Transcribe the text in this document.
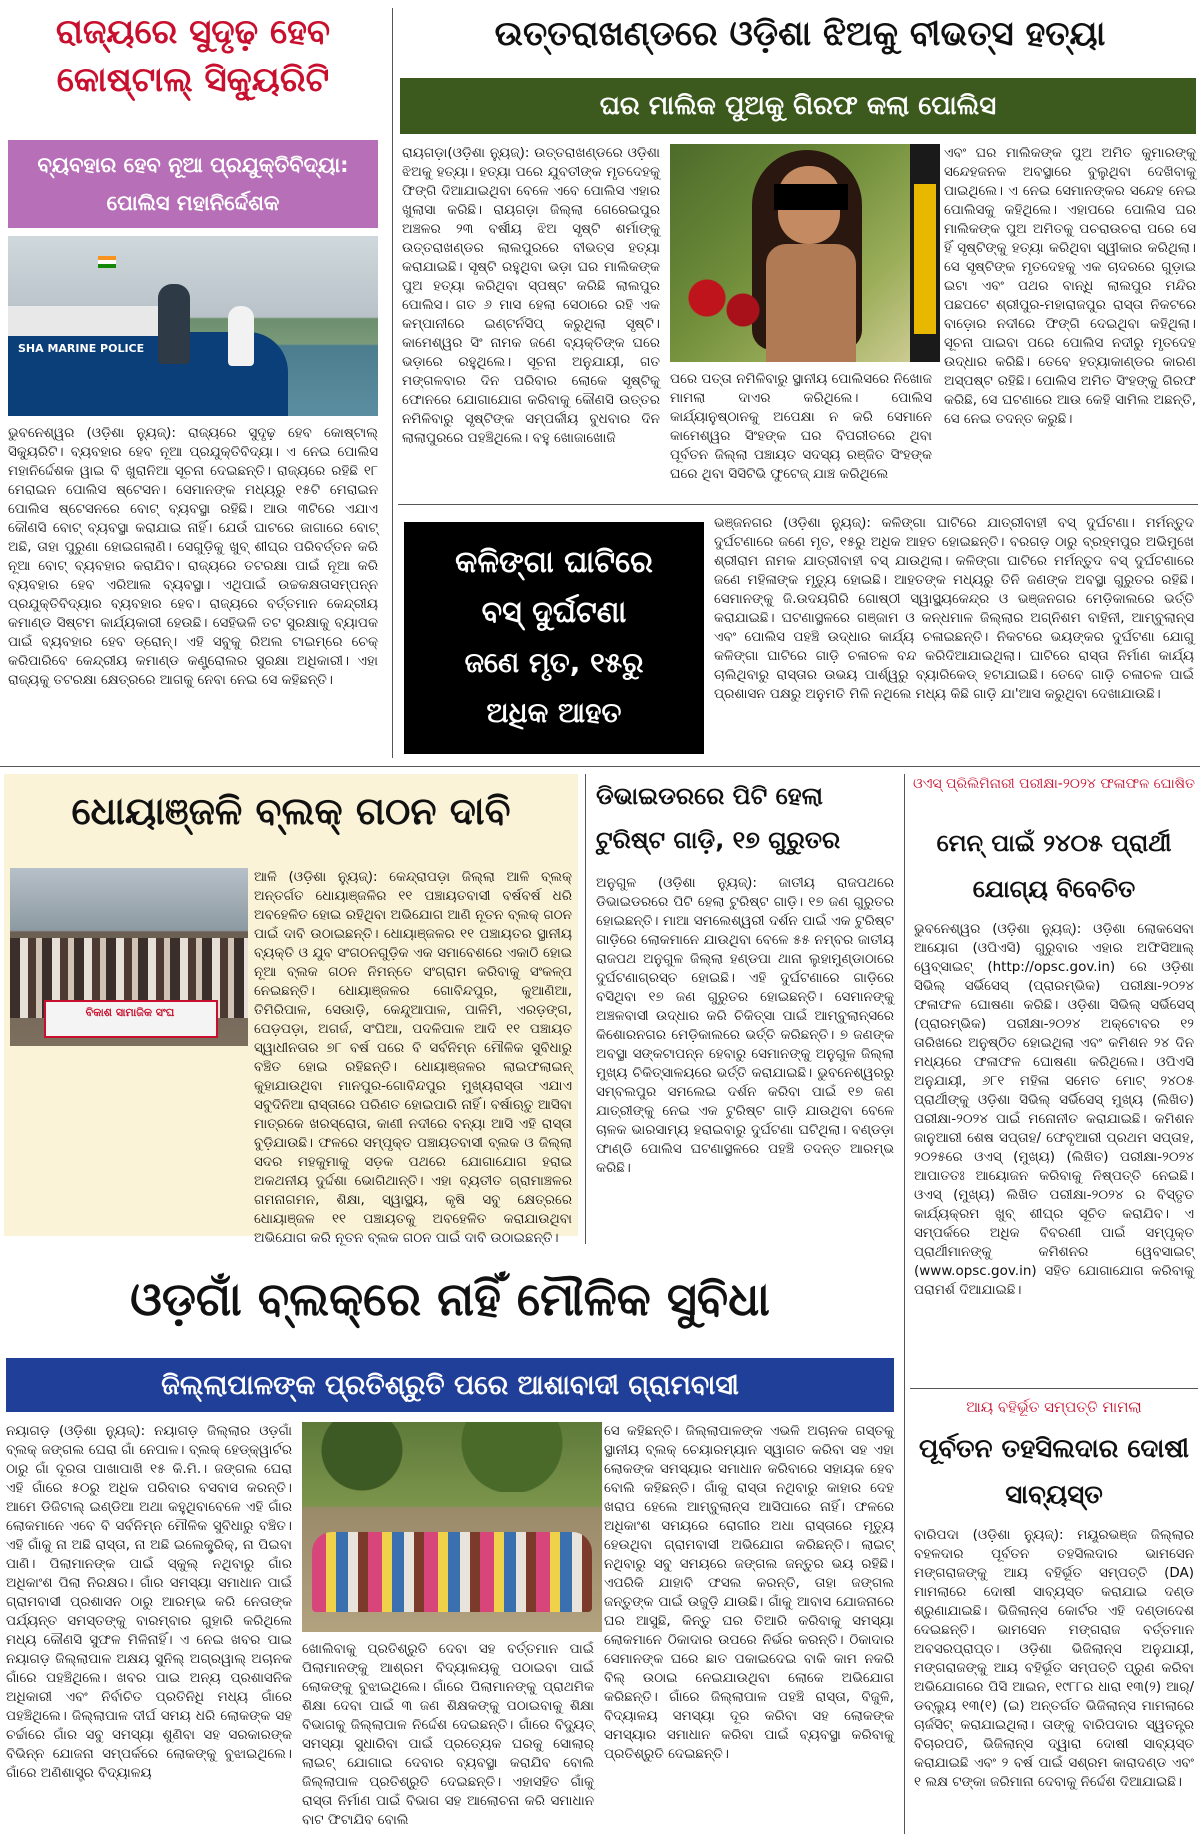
ରାଜ୍ୟରେ ସୁଦୃଢ଼ ହେବ କୋଷ୍ଟାଲ୍ ସିକ୍ୟୁରିଟି
ବ୍ୟବହାର ହେବ ନୂଆ ପ୍ରଯୁକ୍ତିବିଦ୍ୟା: ପୋଲିସ ମହାନିର୍ଦ୍ଦେଶକ
SHA MARINE POLICE
ଭୁବନେଶ୍ୱର (ଓଡ଼ିଶା ନ୍ୟୁଜ୍): ରାଜ୍ୟରେ ସୁଦୃଢ଼ ହେବ କୋଷ୍ଟାଲ୍ ସିକ୍ୟୁରିଟି। ବ୍ୟବହାର ହେବ ନୂଆ ପ୍ରଯୁକ୍ତିବିଦ୍ୟା। ଏ ନେଇ ପୋଲିସ ମହାନିର୍ଦ୍ଦେଶକ ୱାଇ ବି ଖୁରାନିଆ ସୂଚନା ଦେଇଛନ୍ତି। ରାଜ୍ୟରେ ରହିଛି ୧୮ ମେରାଇନ ପୋଲିସ ଷ୍ଟେସନ। ସେମାନଙ୍କ ମଧ୍ୟରୁ ୧୫ଟି ମେରାଇନ ପୋଲିସ ଷ୍ଟେସନରେ ବୋଟ୍ ବ୍ୟବସ୍ଥା ରହିଛି। ଆଉ ୩ଟିରେ ଏଯାଏ କୌଣସି ବୋଟ୍ ବ୍ୟବସ୍ଥା କରାଯାଇ ନାହିଁ। ଯେଉଁ ଘାଟରେ ଜାଗାରେ ବୋଟ୍ ଅଛି, ତାହା ପୁରୁଣା ହୋଇଗଲାଣି। ସେଗୁଡ଼ିକୁ ଖୁବ୍ ଶୀଘ୍ର ପରିବର୍ତ୍ତନ କରି ନୂଆ ବୋଟ୍ ବ୍ୟବହାର କରାଯିବ। ରାଜ୍ୟରେ ତଟରକ୍ଷା ପାଇଁ ନୂଆ କରି ବ୍ୟବହାର ହେବ ଏରିଆଲ ବ୍ୟବସ୍ଥା। ଏଥିପାଇଁ ଉଚ୍ଚକକ୍ଷତାସମ୍ପନ୍ନ ପ୍ରଯୁକ୍ତିବିଦ୍ୟାର ବ୍ୟବହାର ହେବ। ରାଜ୍ୟରେ ବର୍ତ୍ତମାନ କେନ୍ଦ୍ରୀୟ କମାଣ୍ଡ ସିଷ୍ଟମ କାର୍ଯ୍ୟକାରୀ ହେଉଛି। ସେହିଭଳି ତଟ ସୁରକ୍ଷାକୁ ବ୍ୟାପକ ପାଇଁ ବ୍ୟବହାର ହେବ ଡ୍ରୋନ୍। ଏହି ସବୁକୁ ରିଅଲ ଟାଇମ୍‌ରେ ଚେକ୍ କରିପାରିବେ କେନ୍ଦ୍ରୀୟ କମାଣ୍ଡ କଣ୍ଟ୍ରୋଲର ସୁରକ୍ଷା ଅଧିକାରୀ। ଏହା ରାଜ୍ୟକୁ ତଟରକ୍ଷା କ୍ଷେତ୍ରରେ ଆଗକୁ ନେବା ନେଇ ସେ କହିଛନ୍ତି।
ଉତ୍ତରାଖଣ୍ଡରେ ଓଡ଼ିଶା ଝିଅକୁ ବୀଭତ୍ସ ହତ୍ୟା
ଘର ମାଲିକ ପୁଅକୁ ଗିରଫ କଲା ପୋଲିସ
ରାୟଗଡ଼ା(ଓଡ଼ିଶା ନ୍ୟୁଜ୍): ଉତ୍ତରାଖଣ୍ଡରେ ଓଡ଼ିଶା ଝିଅକୁ ହତ୍ୟା। ହତ୍ୟା ପରେ ଯୁବତୀଙ୍କ ମୃତଦେହକୁ ଫିଙ୍ଗି ଦିଆଯାଇଥିବା ବେଳେ ଏବେ ପୋଲିସ ଏହାର ଖୁଲାସା କରିଛି। ରାୟଗଡ଼ା ଜିଲ୍ଲା ଗେରେଇପୁର ଅଞ୍ଚଳର ୨୩ ବର୍ଷୀୟ ଝିଅ ସୃଷ୍ଟି ଶର୍ମାଙ୍କୁ ଉତ୍ତରାଖଣ୍ଡର ଲାଲପୁରରେ ବୀଭତ୍ସ ହତ୍ୟା କରାଯାଇଛି। ସୃଷ୍ଟି ରହୁଥିବା ଭଡ଼ା ଘର ମାଲିକଙ୍କ ପୁଅ ହତ୍ୟା କରିଥିବା ସ୍ପଷ୍ଟ କରିଛି ଲାଲପୁର ପୋଲିସ। ଗତ ୬ ମାସ ହେଲା ସେଠାରେ ରହି ଏକ କମ୍ପାନୀରେ ଇଣ୍ଟର୍ନସିପ୍ କରୁଥିଲା ସୃଷ୍ଟି। କାମେଶ୍ୱର ସିଂ ନାମକ ଜଣେ ବ୍ୟକ୍ତିଙ୍କ ଘରେ ଭଡ଼ାରେ ରହୁଥିଲେ। ସୂଚନା ଅନୁଯାୟୀ, ଗତ ମଙ୍ଗଳବାର ଦିନ ପରିବାର ଲୋକେ ସୃଷ୍ଟିକୁ ଫୋନରେ ଯୋଗାଯୋଗ କରିବାକୁ କୌଣସି ଉତ୍ତର ନମିଳିବାରୁ ସୃଷ୍ଟିଙ୍କ ସମ୍ପର୍କୀୟ ବୁଧବାର ଦିନ ଲାଲାପୁରରେ ପହଞ୍ଚିଥିଲେ। ବହୁ ଖୋଜାଖୋଜି
ପରେ ପତ୍ତା ନମିଳିବାରୁ ସ୍ଥାନୀୟ ପୋଲିସରେ ନିଖୋଜ ମାମଲା ଦାଏର କରିଥିଲେ। ପୋଲିସ କାର୍ଯ୍ୟାନୁଷ୍ଠାନକୁ ଅପେକ୍ଷା ନ କରି ସେମାନେ କାମେଶ୍ୱର ସିଂହଙ୍କ ଘର ବିପରୀତରେ ଥିବା ପୂର୍ବତନ ଜିଲ୍ଲା ପଞ୍ଚାୟତ ସଦସ୍ୟ ରଞ୍ଜିତ ସିଂହଙ୍କ ଘରେ ଥିବା ସିସିଟିଭି ଫୁଟେଜ୍ ଯାଞ୍ଚ କରିଥିଲେ
ଏବଂ ଘର ମାଲିକଙ୍କ ପୁଅ ଅମିତ କୁମାରଙ୍କୁ ସନ୍ଦେହଜନକ ଅବସ୍ଥାରେ ବୁଲୁଥିବା ଦେଖିବାକୁ ପାଇଥିଲେ। ଏ ନେଇ ସେମାନଙ୍କର ସନ୍ଦେହ ନେଇ ପୋଲିସକୁ କହିଥିଲେ। ଏହାପରେ ପୋଲିସ ଘର ମାଲିକଙ୍କ ପୁଅ ଅମିତକୁ ପଚରାଉଚରା ପରେ ସେ ହିଁ ସୃଷ୍ଟିଙ୍କୁ ହତ୍ୟା କରିଥିବା ସ୍ୱୀକାର କରିଥିଲା। ସେ ସୃଷ୍ଟିଙ୍କ ମୃତଦେହକୁ ଏକ ଚାଦରରେ ଗୁଡ଼ାଇ ଇଟା ଏବଂ ପଥର ବାନ୍ଧି ଲାଲପୁର ମନ୍ଦିର ପଛପଟେ ଶ୍ରୀପୁର-ମହାରାଜପୁର ରାସ୍ତା ନିକଟରେ ବାଡ଼ୋର ନଦୀରେ ଫିଙ୍ଗି ଦେଇଥିବା କହିଥିଲା। ସୂଚନା ପାଇବା ପରେ ପୋଲିସ ନଦୀରୁ ମୃତଦେହ ଉଦ୍ଧାର କରିଛି। ତେବେ ହତ୍ୟାକାଣ୍ଡର କାରଣ ଅସ୍ପଷ୍ଟ ରହିଛି। ପୋଲିସ ଅମିତ ସିଂହଙ୍କୁ ଗିରଫ କରିଛି, ସେ ଘଟଣାରେ ଆଉ କେହି ସାମିଲ ଅଛନ୍ତି, ସେ ନେଇ ତଦନ୍ତ କରୁଛି।
କଳିଙ୍ଗା ଘାଟିରେ
ବସ୍ ଦୁର୍ଘଟଣା
ଜଣେ ମୃତ, ୧୫ରୁ
ଅଧିକ ଆହତ
ଭଞ୍ଜନଗର (ଓଡ଼ିଶା ନ୍ୟୁଜ୍): କଳିଙ୍ଗା ଘାଟିରେ ଯାତ୍ରୀବାହୀ ବସ୍ ଦୁର୍ଘଟଣା। ମର୍ମନ୍ତୁଦ ଦୁର୍ଘଟଣାରେ ଜଣେ ମୃତ, ୧୫ରୁ ଅଧିକ ଆହତ ହୋଇଛନ୍ତି। ବରଗଡ଼ ଠାରୁ ବ୍ରହ୍ମପୁର ଅଭିମୁଖେ ଶ୍ରୀରାମ ନାମକ ଯାତ୍ରୀବାହୀ ବସ୍ ଯାଉଥିଲା। କଳିଙ୍ଗା ଘାଟିରେ ମର୍ମନ୍ତୁଦ ବସ୍ ଦୁର୍ଘଟଣାରେ ଜଣେ ମହିଳାଙ୍କ ମୃତ୍ୟୁ ହୋଇଛି। ଆହତଙ୍କ ମଧ୍ୟରୁ ତିନି ଜଣଙ୍କ ଅବସ୍ଥା ଗୁରୁତର ରହିଛି। ସେମାନଙ୍କୁ ଜି.ଉଦୟଗିରି ଗୋଷ୍ଠୀ ସ୍ୱାସ୍ଥ୍ୟକେନ୍ଦ୍ର ଓ ଭଞ୍ଜନଗର ମେଡ଼ିକାଲରେ ଭର୍ତ୍ତି କରାଯାଇଛି। ଘଟଣାସ୍ଥଳରେ ଗଞ୍ଜାମ ଓ କନ୍ଧମାଳ ଜିଲ୍ଲାର ଅଗ୍ନିଶମ ବାହିନୀ, ଆମ୍ବୁଲାନ୍ସ ଏବଂ ପୋଲିସ ପହଞ୍ଚି ଉଦ୍ଧାର କାର୍ଯ୍ୟ ଚଳାଇଛନ୍ତି। ନିକଟରେ ଭୟଙ୍କର ଦୁର୍ଘଟଣା ଯୋଗୁ କଳିଙ୍ଗା ଘାଟିରେ ଗାଡ଼ି ଚଳାଚଳ ବନ୍ଦ କରିଦିଆଯାଇଥିଲା। ଘାଟିରେ ରାସ୍ତା ନିର୍ମାଣ କାର୍ଯ୍ୟ ଚାଲିଥିବାରୁ ରାସ୍ତାର ଉଭୟ ପାର୍ଶ୍ୱରୁ ବ୍ୟାରିକେଡ୍ ହଟାଯାଇଛି। ତେବେ ଗାଡ଼ି ଚଳାଚଳ ପାଇଁ ପ୍ରଶାସନ ପକ୍ଷରୁ ଅନୁମତି ମିଳି ନଥିଲେ ମଧ୍ୟ କିଛି ଗାଡ଼ି ଯା'ଆସ କରୁଥିବା ଦେଖାଯାଉଛି।
ଧୋୟାଞ୍ଜଳି ବ୍ଲକ୍ ଗଠନ ଦାବି
ବିକାଶ ସାମାଜିକ ସଂଘ
ଆଳି (ଓଡ଼ିଶା ନ୍ୟୁଜ୍): କେନ୍ଦ୍ରାପଡ଼ା ଜିଲ୍ଲା ଆଳି ବ୍ଲକ୍ ଅନ୍ତର୍ଗତ ଧୋୟାଞ୍ଜଳିର ୧୧ ପଞ୍ଚାୟତବାସୀ ବର୍ଷବର୍ଷ ଧରି ଅବହେଳିତ ହୋଇ ରହିଥିବା ଅଭିଯୋଗ ଆଣି ନୂତନ ବ୍ଲକ୍ ଗଠନ ପାଇଁ ଦାବି ଉଠାଇଛନ୍ତି। ଧୋୟାଞ୍ଜଳର ୧୧ ପଞ୍ଚାୟତର ସ୍ଥାନୀୟ ବ୍ୟକ୍ତି ଓ ଯୁବ ସଂଗଠନଗୁଡ଼ିକ ଏକ ସମାବେଶରେ ଏକାଠି ହୋଇ ନୂଆ ବ୍ଲକ ଗଠନ ନିମନ୍ତେ ସଂଗ୍ରାମ କରିବାକୁ ସଂକଳ୍ପ ନେଇଛନ୍ତି। ଧୋୟାଞ୍ଜଳର ଗୋବିନ୍ଦପୁର, କୁଆଣିଆ, ତିମିରିପାଳ, ସେଉାଡ଼ି, କେନ୍ଦୁଆପାଳ, ପାଳିମି, ଏରଡ଼ଙ୍ଗ, ପେଡ଼ପଡ଼ା, ଅଗର୍ଜ, ସଂଘିଆ, ପଦଳିପାଳ ଆଦି ୧୧ ପଞ୍ଚାୟତ ସ୍ୱାଧୀନତାର ୭୮ ବର୍ଷ ପରେ ବି ସର୍ବନିମ୍ନ ମୌଳିକ ସୁବିଧାରୁ ବଞ୍ଚିତ ହୋଇ ରହିଛନ୍ତି। ଧୋୟାଞ୍ଜଳର ଲାଇଫଲାଇନ୍ କୁହାଯାଉଥିବା ମାନପୁର-ଗୋବିନ୍ଦପୁର ମୁଖ୍ୟରାସ୍ତା ଏଯାଏ ସବୁଦିନିଆ ରାସ୍ତାରେ ପରିଣତ ହୋଇପାରି ନାହିଁ। ବର୍ଷାଋତୁ ଆସିବା ମାତ୍ରକେ ଖରସ୍ରୋତା, କାଣୀ ନଦୀରେ ବନ୍ୟା ଆସି ଏହି ରାସ୍ତା ବୁଡ଼ିଯାଉଛି। ଫଳରେ ସମ୍ପୃକ୍ତ ପଞ୍ଚାୟତବାସୀ ବ୍ଲକ ଓ ଜିଲ୍ଲା ସଦର ମହକୁମାକୁ ସଡ଼କ ପଥରେ ଯୋଗାଯୋଗ ହରାଇ ଅକଥନୀୟ ଦୁର୍ଦ୍ଦଶା ଭୋଗିଥାନ୍ତି। ଏହା ବ୍ୟତୀତ ଗ୍ରାମାଞ୍ଚଳର ଗମନାଗମନ, ଶିକ୍ଷା, ସ୍ୱାସ୍ଥ୍ୟ, କୃଷି ସବୁ କ୍ଷେତ୍ରରେ ଧୋୟାଞ୍ଜଳ ୧୧ ପଞ୍ଚାୟତକୁ ଅବହେଳିତ କରାଯାଉଥିବା ଅଭିଯୋଗ କରି ନୂତନ ବ୍ଲକ ଗଠନ ପାଇଁ ଦାବି ଉଠାଇଛନ୍ତି।
ଡିଭାଇଡରରେ ପିଟି ହେଲା ଟୁରିଷ୍ଟ ଗାଡ଼ି, ୧୭ ଗୁରୁତର
ଅନୁଗୁଳ (ଓଡ଼ିଶା ନ୍ୟୁଜ୍): ଜାତୀୟ ରାଜପଥରେ ଡିଭାଇଡରରେ ପିଟି ହେଲା ଟୁରିଷ୍ଟ ଗାଡ଼ି। ୧୭ ଜଣ ଗୁରୁତର ହୋଇଛନ୍ତି। ମାଆ ସମଲେଶ୍ୱରୀ ଦର୍ଶନ ପାଇଁ ଏକ ଟୁରିଷ୍ଟ ଗାଡ଼ିରେ ଲୋକମାନେ ଯାଉଥିବା ବେଳେ ୫୫ ନମ୍ବର ଜାତୀୟ ରାଜପଥ ଅନୁଗୁଳ ଜିଲ୍ଲା ହଣ୍ଡପା ଥାନା ଲୁହାମୁଣ୍ଡାଠାରେ ଦୁର୍ଘଟଣାଗ୍ରସ୍ତ ହୋଇଛି। ଏହି ଦୁର୍ଘଟଣାରେ ଗାଡ଼ିରେ ବସିଥିବା ୧୭ ଜଣ ଗୁରୁତର ହୋଇଛନ୍ତି। ସେମାନଙ୍କୁ ଅଞ୍ଚଳବାସୀ ଉଦ୍ଧାର କରି ଚିକିତ୍ସା ପାଇଁ ଆମ୍ବୁଲାନ୍ସରେ କିଶୋରନଗର ମେଡ଼ିକାଲରେ ଭର୍ତ୍ତି କରିଛନ୍ତି। ୭ ଜଣଙ୍କ ଅବସ୍ଥା ସଙ୍କଟାପନ୍ନ ହେବାରୁ ସେମାନଙ୍କୁ ଅନୁଗୁଳ ଜିଲ୍ଲା ମୁଖ୍ୟ ଚିକିତ୍ସାଳୟରେ ଭର୍ତ୍ତି କରାଯାଇଛି। ଭୁବନେଶ୍ୱରରୁ ସମ୍ବଲପୁର ସମଲେଇ ଦର୍ଶନ କରିବା ପାଇଁ ୧୭ ଜଣ ଯାତ୍ରୀଙ୍କୁ ନେଇ ଏକ ଟୁରିଷ୍ଟ ଗାଡ଼ି ଯାଉଥିବା ବେଳେ ଚାଳକ ଭାରସାମ୍ୟ ହରାଇବାରୁ ଦୁର୍ଘଟଣା ଘଟିଥିଲା। ବଣ୍ଡଡ଼ା ଫାଣ୍ଡି ପୋଲିସ ଘଟଣାସ୍ଥଳରେ ପହଞ୍ଚି ତଦନ୍ତ ଆରମ୍ଭ କରିଛି।
ଓଏସ୍ ପ୍ରିଲିମିନାରୀ ପରୀକ୍ଷା-୨୦୨୪ ଫଳାଫଳ ଘୋଷିତ
ମେନ୍ ପାଇଁ ୨୪୦୫ ପ୍ରାର୍ଥୀ ଯୋଗ୍ୟ ବିବେଚିତ
ଭୁବନେଶ୍ୱର (ଓଡ଼ିଶା ନ୍ୟୁଜ୍): ଓଡ଼ିଶା ଲୋକସେବା ଆୟୋଗ (ଓପିଏସି) ଗୁରୁବାର ଏହାର ଅଫିସିଆଲ୍ ୱେବ୍‌ସାଇଟ୍ (http://opsc.gov.in) ରେ ଓଡ଼ିଶା ସିଭିଲ୍ ସର୍ଭିସେସ୍ (ପ୍ରାରମ୍ଭିକ) ପରୀକ୍ଷା-୨୦୨୪ ଫଳାଫଳ ଘୋଷଣା କରିଛି। ଓଡ଼ିଶା ସିଭିଲ୍ ସର୍ଭିସେସ୍ (ପ୍ରାରମ୍ଭିକ) ପରୀକ୍ଷା-୨୦୨୪ ଅକ୍ଟୋବର ୧୨ ତାରିଖରେ ଅନୁଷ୍ଠିତ ହୋଇଥିଲା ଏବଂ କମିଶନ ୨୪ ଦିନ ମଧ୍ୟରେ ଫଳାଫଳ ଘୋଷଣା କରିଥିଲେ। ଓପିଏସି ଅନୁଯାୟୀ, ୬୮୧ ମହିଳା ସମେତ ମୋଟ୍ ୨୪୦୫ ପ୍ରାର୍ଥୀଙ୍କୁ ଓଡ଼ିଶା ସିଭିଲ୍ ସର୍ଭିସେସ୍ ମୁଖ୍ୟ (ଲିଖିତ) ପରୀକ୍ଷା-୨୦୨୪ ପାଇଁ ମନୋନୀତ କରାଯାଇଛି। କମିଶନ ଜାନୁଆରୀ ଶେଷ ସପ୍ତାହ/ ଫେବୃଆରୀ ପ୍ରଥମ ସପ୍ତାହ, ୨୦୨୫ରେ ଓଏସ୍ (ମୁଖ୍ୟ) (ଲିଖିତ) ପରୀକ୍ଷା-୨୦୨୪ ଆପାତତଃ ଆୟୋଜନ କରିବାକୁ ନିଷ୍ପତ୍ତି ନେଇଛି। ଓଏସ୍ (ମୁଖ୍ୟ) ଲିଖିତ ପରୀକ୍ଷା-୨୦୨୪ ର ବିସ୍ତୃତ କାର୍ଯ୍ୟକ୍ରମ ଖୁବ୍ ଶୀଘ୍ର ସୂଚିତ କରାଯିବ। ଏ ସମ୍ପର୍କରେ ଅଧିକ ବିବରଣୀ ପାଇଁ ସମ୍ପୃକ୍ତ ପ୍ରାର୍ଥୀମାନଙ୍କୁ କମିଶନର ୱେବସାଇଟ୍ (www.opsc.gov.in) ସହିତ ଯୋଗାଯୋଗ କରିବାକୁ ପରାମର୍ଶ ଦିଆଯାଇଛି।
ଆୟ ବହିର୍ଭୂତ ସମ୍ପତ୍ତି ମାମଲା
ପୂର୍ବତନ ତହସିଲଦାର ଦୋଷୀ ସାବ୍ୟସ୍ତ
ବାରିପଦା (ଓଡ଼ିଶା ନ୍ୟୁଜ୍): ମୟୂରଭଞ୍ଜ ଜିଲ୍ଲାର ବହଳଦାର ପୂର୍ବତନ ତହସିଲଦାର ଭାମସେନ ମଙ୍ଗରାଜଙ୍କୁ ଆୟ ବହିର୍ଭୂତ ସମ୍ପତ୍ତି (DA) ମାମଲାରେ ଦୋଷୀ ସାବ୍ୟସ୍ତ କରାଯାଇ ଦଣ୍ଡ ଶ୍ରୁଣାଯାଇଛି। ଭିଜିଲାନ୍ସ କୋର୍ଟର ଏହି ଦଣ୍ଡାଦେଶ ଦେଇଛନ୍ତି। ଭାମସେନ ମଙ୍ଗରାଜ ବର୍ତ୍ତମାନ ଅବସରପ୍ରାପ୍ତ। ଓଡ଼ିଶା ଭିଜିଲାନ୍ସ ଅନୁଯାୟୀ, ମଙ୍ଗରାଜଙ୍କୁ ଆୟ ବହିର୍ଭୂତ ସମ୍ପତ୍ତି ପ୍ରୁଣ କରିବା ଅଭିଯୋଗରେ ପିସି ଆଇନ, ୧୯୮୮ର ଧାରା ୧୩(୨) ଆର୍/ଡବ୍ଲ୍ୟୁ ୧୩(୧) (ଇ) ଅନ୍ତର୍ଗତ ଭିଜିଲାନ୍ସ ମାମଲାରେ ଚାର୍ଜସିଟ୍ କରାଯାଇଥିଲା। ତାଙ୍କୁ ବାରିପଦାର ସ୍ୱତନ୍ତ୍ର ବିଚାରପତି, ଭିଜିଲାନ୍ସ ଦ୍ୱାରା ଦୋଷୀ ସାବ୍ୟସ୍ତ କରାଯାଇଛି ଏବଂ ୨ ବର୍ଷ ପାଇଁ ସଶ୍ରମ କାରାଦଣ୍ଡ ଏବଂ ୧ ଲକ୍ଷ ଟଙ୍କା ଜରିମାନା ଦେବାକୁ ନିର୍ଦ୍ଦେଶ ଦିଆଯାଇଛି।
ଓଡ଼ଗାଁ ବ୍ଲକ୍‌ରେ ନାହିଁ ମୌଳିକ ସୁବିଧା
ଜିଲ୍ଲାପାଳଙ୍କ ପ୍ରତିଶ୍ରୁତି ପରେ ଆଶାବାଦୀ ଗ୍ରାମବାସୀ
ନୟାଗଡ଼ (ଓଡ଼ିଶା ନ୍ୟୁଜ୍): ନୟାଗଡ଼ ଜିଲ୍ଲାର ଓଡ଼ଗାଁ ବ୍ଲକ୍ ଜଙ୍ଗଲ ଘେରା ଗାଁ ନେପାଳ। ବ୍ଲକ୍ ହେଡ୍‌କ୍ୱାର୍ଟର ଠାରୁ ଗାଁ ଦୂରତା ପାଖାପାଖି ୧୫ କି.ମି.। ଜଙ୍ଗଲ ଘେରା ଏହି ଗାଁରେ ୫୦ରୁ ଅଧିକ ପରିବାର ବସବାସ କରନ୍ତି। ଆମେ ଡିଜିଟାଲ୍ ଇଣ୍ଡିଆ ଅଥା କହୁଥିବାବେଳେ ଏହି ଗାଁର ଲୋକମାନେ ଏବେ ବି ସର୍ବନିମ୍ନ ମୌଳିକ ସୁବିଧାରୁ ବଞ୍ଚିତ। ଏହି ଗାଁକୁ ନା ଅଛି ରାସ୍ତା, ନା ଅଛି ଇଲେକ୍ଟ୍ରିକ୍, ନା ପିଇବା ପାଣି। ପିଲାମାନଙ୍କ ପାଇଁ ସ୍କୁଲ୍ ନଥିବାରୁ ଗାଁର ଅଧିକାଂଶ ପିଲା ନିରକ୍ଷର। ଗାଁର ସମସ୍ୟା ସମାଧାନ ପାଇଁ ଗ୍ରାମବାସୀ ପ୍ରଶାସନ ଠାରୁ ଆରମ୍ଭ କରି ନେତାଙ୍କ ପର୍ଯ୍ୟନ୍ତ ସମସ୍ତଙ୍କୁ ବାରମ୍ବାର ଗୁହାରି କରିଥିଲେ ମଧ୍ୟ କୌଣସି ସୁଫଳ ମିଳିନାହିଁ। ଏ ନେଇ ଖବର ପାଇ ନୟାଗଡ଼ ଜିଲ୍ଲାପାଳ ଅକ୍ଷୟ ସୁନିଲ୍ ଅଗ୍ରୱାଲ୍ ଅଚାନକ ଗାଁରେ ପହଞ୍ଚିଥିଲେ। ଖବର ପାଇ ଅନ୍ୟ ପ୍ରଶାସନିକ ଅଧିକାରୀ ଏବଂ ନିର୍ବାଚିତ ପ୍ରତିନିଧି ମଧ୍ୟ ଗାଁରେ ପହଞ୍ଚିଥିଲେ। ଜିଲ୍ଲାପାଳ ଦୀର୍ଘ ସମୟ ଧରି ଲୋକଙ୍କ ସହ ଚର୍ଚ୍ଚାରେ ଗାଁର ସବୁ ସମସ୍ୟା ଶୁଣିବା ସହ ସରକାରଙ୍କ ବିଭିନ୍ନ ଯୋଜନା ସମ୍ପର୍କରେ ଲୋକଙ୍କୁ ବୁଝାଇଥିଲେ। ଗାଁରେ ଅଣିଶାସ୍ତ୍ର ବିଦ୍ୟାଳୟ
ଖୋଲିବାକୁ ପ୍ରତିଶ୍ରୁତି ଦେବା ସହ ବର୍ତ୍ତମାନ ପାଇଁ ପିଲାମାନଙ୍କୁ ଆଶ୍ରମ ବିଦ୍ୟାଳୟକୁ ପଠାଇବା ପାଇଁ ଲୋକଙ୍କୁ ବୁଝାଇଥିଲେ। ଗାଁରେ ପିଲାମାନଙ୍କୁ ପ୍ରାଥମିକ ଶିକ୍ଷା ଦେବା ପାଇଁ ୩ ଜଣ ଶିକ୍ଷକଙ୍କୁ ପଠାଇବାକୁ ଶିକ୍ଷା ବିଭାଗକୁ ଜିଲ୍ଲାପାଳ ନିର୍ଦ୍ଦେଶ ଦେଇଛନ୍ତି। ଗାଁରେ ବିଦ୍ୟୁତ୍ ସମସ୍ୟା ସୁଧାରିବା ପାଇଁ ପ୍ରତ୍ୟେକ ଘରକୁ ସୋଲାର୍ ଲାଇଟ୍ ଯୋଗାଇ ଦେବାର ବ୍ୟବସ୍ଥା କରାଯିବ ବୋଲି ଜିଲ୍ଲାପାଳ ପ୍ରତିଶ୍ରୁତି ଦେଇଛନ୍ତି। ଏହାସହିତ ଗାଁକୁ ରାସ୍ତା ନିର୍ମାଣ ପାଇଁ ବିଭାଗ ସହ ଆଲୋଚନା କରି ସମାଧାନ ବାଟ ଫିଟାଯିବ ବୋଲି
ସେ କହିଛନ୍ତି। ଜିଲ୍ଲାପାଳଙ୍କ ଏଭଳି ଅଚାନକ ଗସ୍ତକୁ ସ୍ଥାନୀୟ ବ୍ଲକ୍ ଚେୟାରମ୍ୟାନ ସ୍ୱାଗତ କରିବା ସହ ଏହା ଲୋକଙ୍କ ସମସ୍ୟାର ସମାଧାନ କରିବାରେ ସହାୟକ ହେବ ବୋଲି କହିଛନ୍ତି। ଗାଁକୁ ରାସ୍ତା ନଥିବାରୁ କାହାର ଦେହ ଖରାପ ହେଲେ ଆମ୍ବୁଲାନ୍ସ ଆସିପାରେ ନାହିଁ। ଫଳରେ ଅଧିକାଂଶ ସମୟରେ ରୋଗୀର ଅଧା ରାସ୍ତାରେ ମୃତ୍ୟୁ ହେଉଥିବା ଗ୍ରାମବାସୀ ଅଭିଯୋଗ କରିଛନ୍ତି। ଲାଇଟ୍ ନଥିବାରୁ ସବୁ ସମୟରେ ଜଙ୍ଗଲ ଜନ୍ତୁର ଭୟ ରହିଛି। ଏପରିକି ଯାହାବି ଫସଲ କରନ୍ତି, ତାହା ଜଙ୍ଗଲ ଜନ୍ତୁଙ୍କ ପାଇଁ ଉଜୁଡ଼ି ଯାଉଛି। ଗାଁକୁ ଆବାସ ଯୋଜନାରେ ଘର ଆସୁଛି, କିନ୍ତୁ ଘର ତିଆରି କରିବାକୁ ସମସ୍ୟା ଲୋକମାନେ ଠିକାଦାର ଉପରେ ନିର୍ଭର କରନ୍ତି। ଠିକାଦାର ସେମାନଙ୍କ ଘରେ ଛାତ ପକାଇଦେଇ ବାକି କାମ ନକରି ବିଲ୍ ଉଠାଇ ନେଇଯାଉଥିବା ଲୋକେ ଅଭିଯୋଗ କରିଛନ୍ତି। ଗାଁରେ ଜିଲ୍ଲାପାଳ ପହଞ୍ଚି ରାସ୍ତା, ବିଜୁଳି, ବିଦ୍ୟାଳୟ ସମସ୍ୟା ଦୂର କରିବା ସହ ଲୋକଙ୍କ ସମସ୍ୟାର ସମାଧାନ କରିବା ପାଇଁ ବ୍ୟବସ୍ଥା କରିବାକୁ ପ୍ରତିଶ୍ରୁତି ଦେଇଛନ୍ତି।
